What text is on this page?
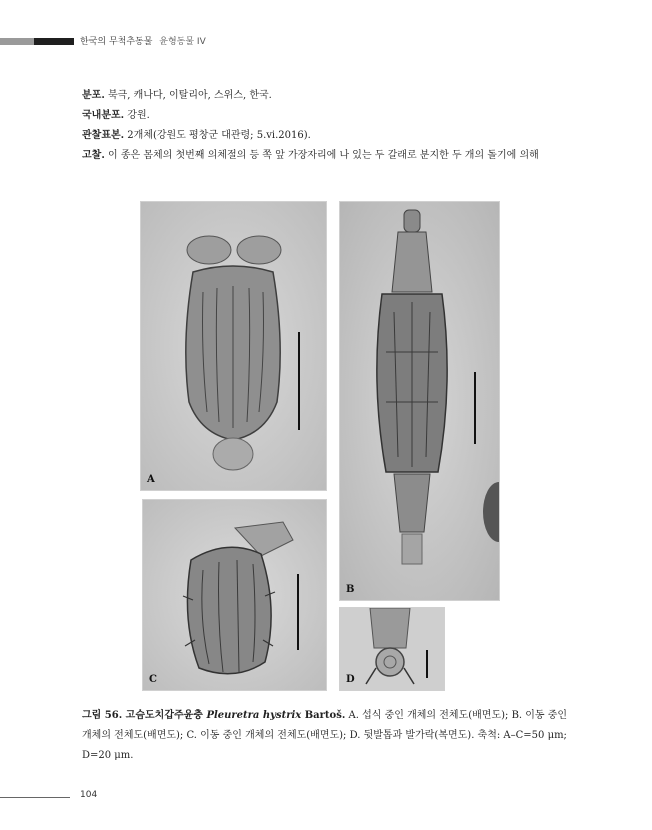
한국의 무척추동물 윤형동물 IV

분포. 북극, 캐나다, 이탈리아, 스위스, 한국.

국내분포. 강원.

관찰표본. 2개체(강원도 평창군 대관령; 5.vi.2016).

고찰. 이 종은 몸체의 첫번째 의체절의 등 쪽 앞 가장자리에 나 있는 두 갈래로 분지한 두 개의 돌기에 의해

A
B
C	D
그림 56. 고슴도치갑주윤충 Pleuretra hystrix Bartoš. A. 섭식 중인 개체의 전체도(배면도); B. 이동 중인 개체의 전체도(배면도); C. 이동 중인 개체의 전체도(배면도); D. 뒷발톱과 발가락(복면도). 축척: A–C=50 μm; D=20 μm.
104
